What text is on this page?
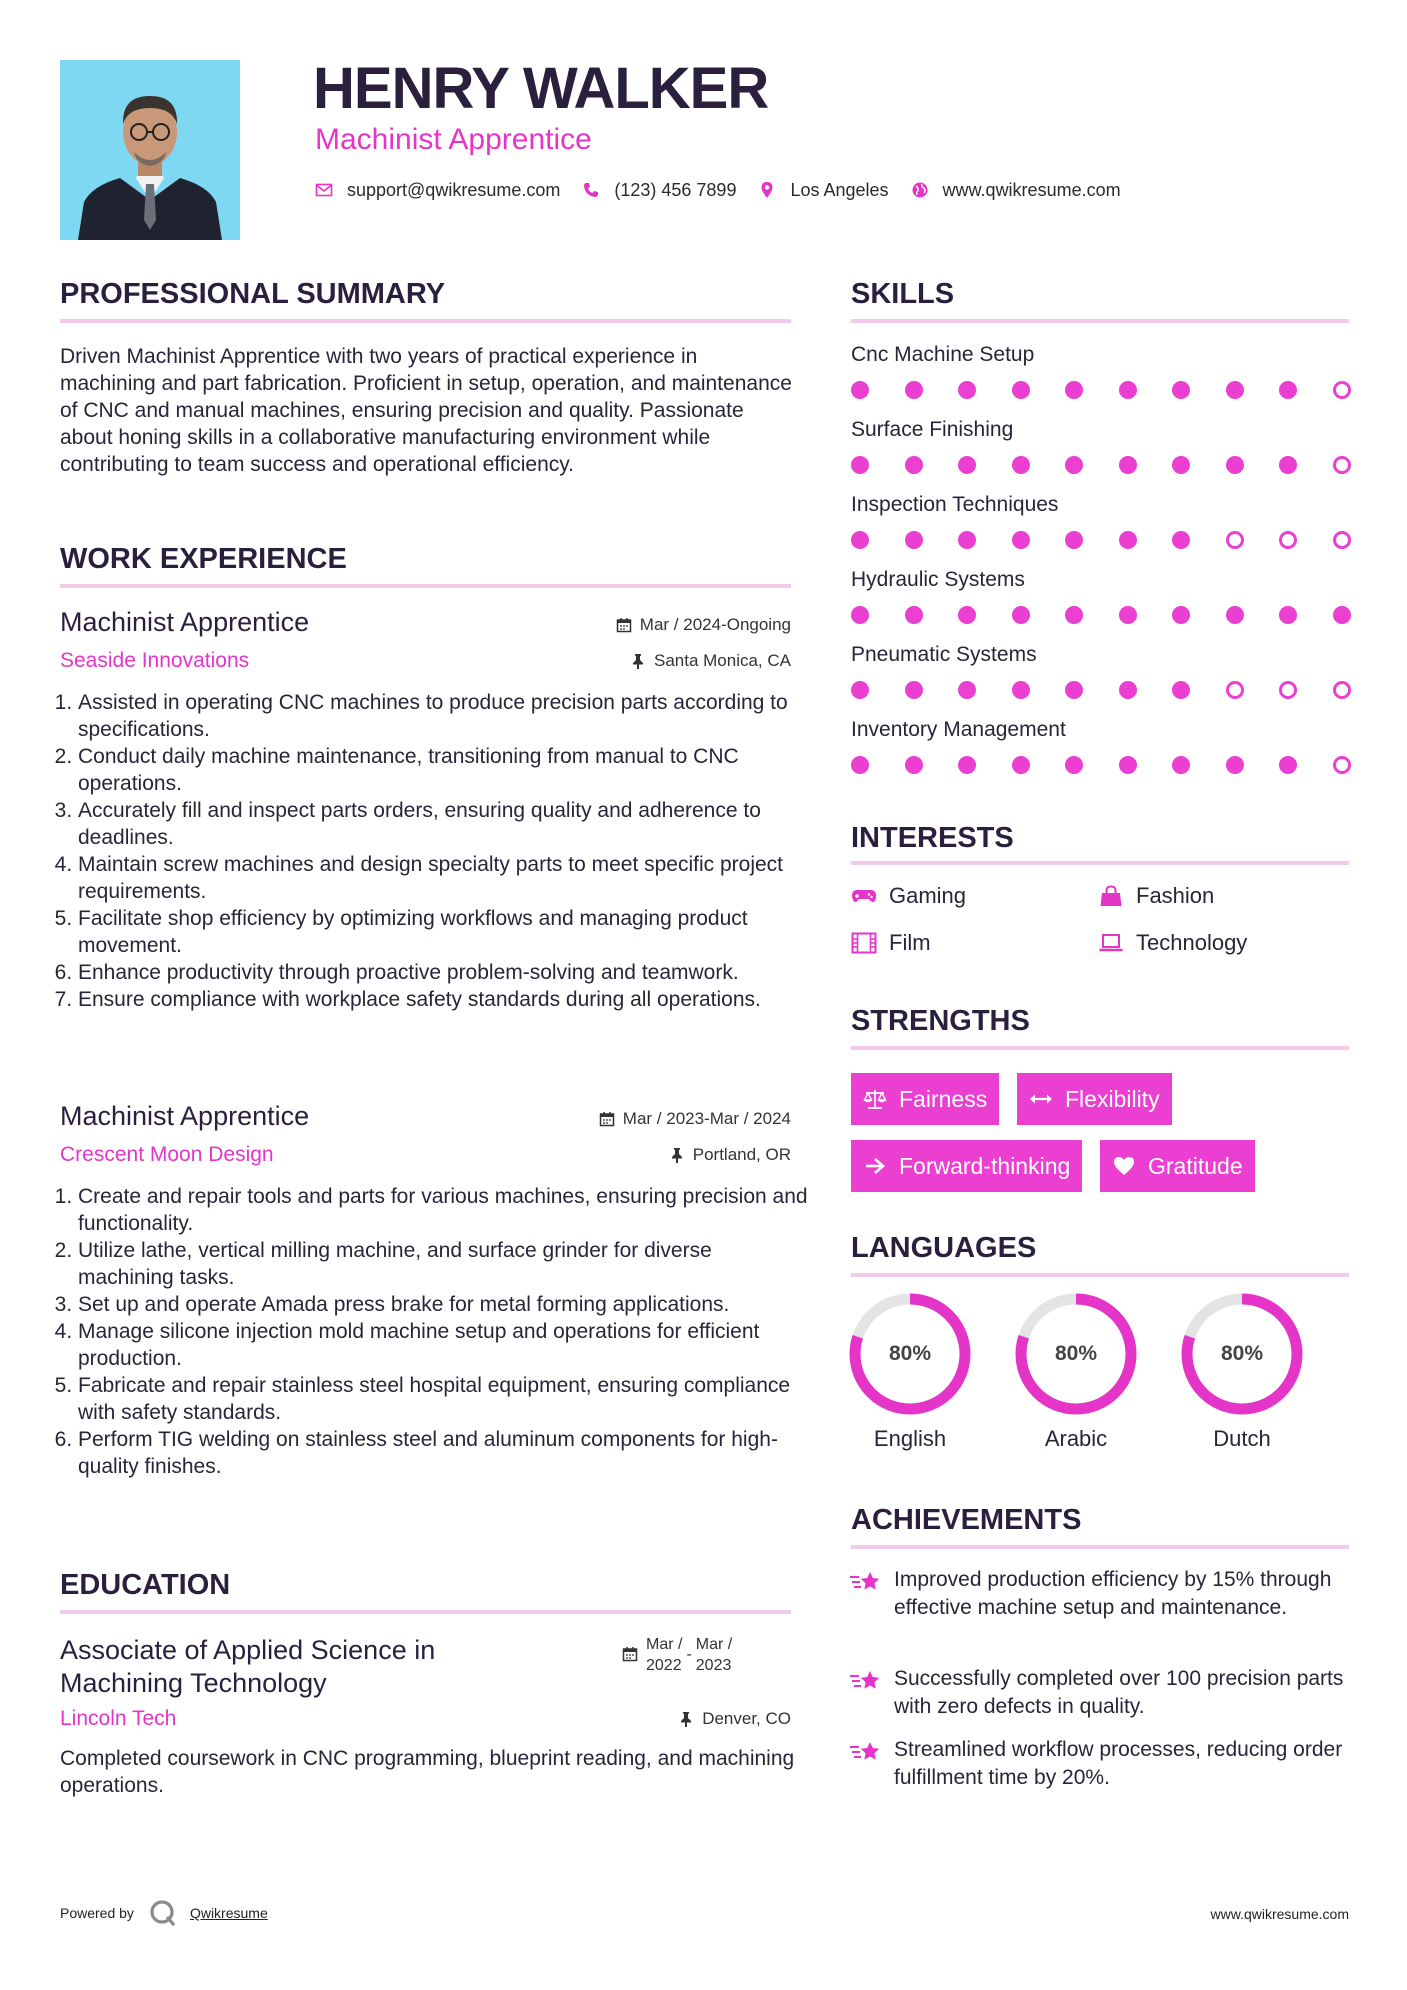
HENRY WALKER
Machinist Apprentice
support@qwikresume.com	(123) 456 7899	Los Angeles	www.qwikresume.com
PROFESSIONAL SUMMARY
Driven Machinist Apprentice with two years of practical experience in machining and part fabrication. Proficient in setup, operation, and maintenance of CNC and manual machines, ensuring precision and quality. Passionate about honing skills in a collaborative manufacturing environment while contributing to team success and operational efficiency.
WORK EXPERIENCE
Machinist Apprentice	Mar / 2024-Ongoing
Seaside Innovations	Santa Monica, CA
1. Assisted in operating CNC machines to produce precision parts according to specifications.
2. Conduct daily machine maintenance, transitioning from manual to CNC operations.
3. Accurately fill and inspect parts orders, ensuring quality and adherence to deadlines.
4. Maintain screw machines and design specialty parts to meet specific project requirements.
5. Facilitate shop efficiency by optimizing workflows and managing product movement.
6. Enhance productivity through proactive problem-solving and teamwork.
7. Ensure compliance with workplace safety standards during all operations.
Machinist Apprentice	Mar / 2023-Mar / 2024
Crescent Moon Design	Portland, OR
1. Create and repair tools and parts for various machines, ensuring precision and functionality.
2. Utilize lathe, vertical milling machine, and surface grinder for diverse machining tasks.
3. Set up and operate Amada press brake for metal forming applications.
4. Manage silicone injection mold machine setup and operations for efficient production.
5. Fabricate and repair stainless steel hospital equipment, ensuring compliance with safety standards.
6. Perform TIG welding on stainless steel and aluminum components for high-quality finishes.
EDUCATION
Associate of Applied Science in
Machining Technology
Mar /
2022
-
Mar /
2023
Lincoln Tech	Denver, CO
Completed coursework in CNC programming, blueprint reading, and machining operations.
SKILLS
Cnc Machine Setup
Surface Finishing
Inspection Techniques
Hydraulic Systems
Pneumatic Systems
Inventory Management
INTERESTS
Gaming	Fashion
Film	Technology
STRENGTHS
Fairness	Flexibility
Forward-thinking	Gratitude
LANGUAGES
80%
English
80%
Arabic
80%
Dutch
ACHIEVEMENTS
Improved production efficiency by 15% through effective machine setup and maintenance.
Successfully completed over 100 precision parts with zero defects in quality.
Streamlined workflow processes, reducing order fulfillment time by 20%.
Powered by	Qwikresume	www.qwikresume.com
